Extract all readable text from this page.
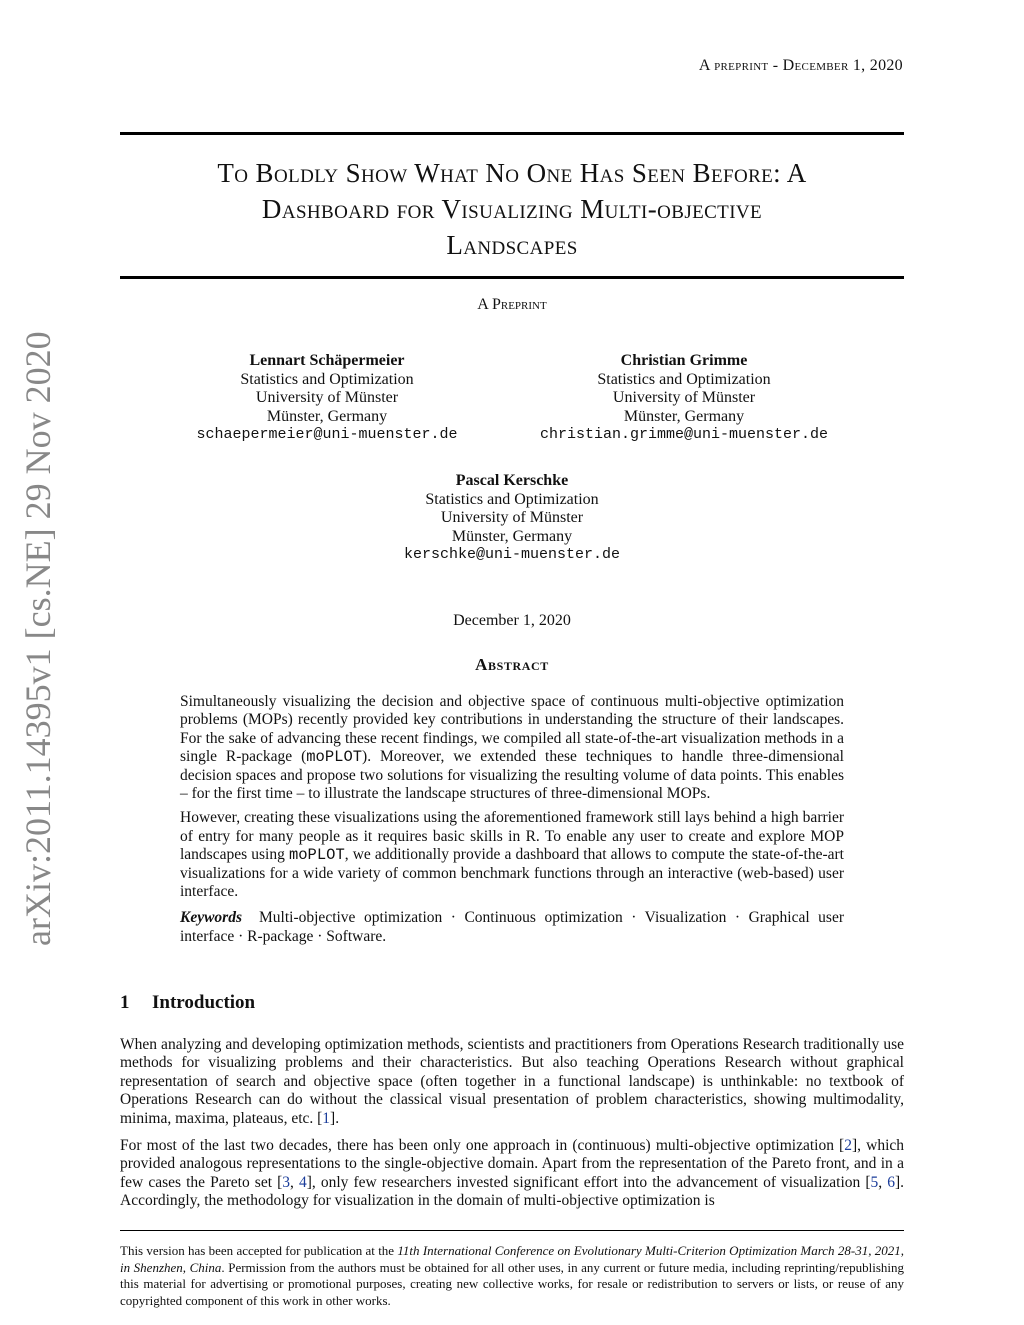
A preprint - December 1, 2020
arXiv:2011.14395v1 [cs.NE] 29 Nov 2020
To Boldly Show What No One Has Seen Before: A
Dashboard for Visualizing Multi-objective
Landscapes
A Preprint
Lennart Schäpermeier
Statistics and Optimization
University of Münster
Münster, Germany
schaepermeier@uni-muenster.de
Christian Grimme
Statistics and Optimization
University of Münster
Münster, Germany
christian.grimme@uni-muenster.de
Pascal Kerschke
Statistics and Optimization
University of Münster
Münster, Germany
kerschke@uni-muenster.de
December 1, 2020
Abstract

Simultaneously visualizing the decision and objective space of continuous multi-objective optimization problems (MOPs) recently provided key contributions in understanding the structure of their landscapes. For the sake of advancing these recent findings, we compiled all state-of-the-art visualization methods in a single R-package (moPLOT). Moreover, we extended these techniques to handle three-dimensional decision spaces and propose two solutions for visualizing the resulting volume of data points. This enables – for the first time – to illustrate the landscape structures of three-dimensional MOPs.

However, creating these visualizations using the aforementioned framework still lays behind a high barrier of entry for many people as it requires basic skills in R. To enable any user to create and explore MOP landscapes using moPLOT, we additionally provide a dashboard that allows to compute the state-of-the-art visualizations for a wide variety of common benchmark functions through an interactive (web-based) user interface.

Keywords Multi-objective optimization · Continuous optimization · Visualization · Graphical user interface · R-package · Software.

1 Introduction

When analyzing and developing optimization methods, scientists and practitioners from Operations Research traditionally use methods for visualizing problems and their characteristics. But also teaching Operations Research without graphical representation of search and objective space (often together in a functional landscape) is unthinkable: no textbook of Operations Research can do without the classical visual presentation of problem characteristics, showing multimodality, minima, maxima, plateaus, etc. [1].

For most of the last two decades, there has been only one approach in (continuous) multi-objective optimization [2], which provided analogous representations to the single-objective domain. Apart from the representation of the Pareto front, and in a few cases the Pareto set [3, 4], only few researchers invested significant effort into the advancement of visualization [5, 6]. Accordingly, the methodology for visualization in the domain of multi-objective optimization is

This version has been accepted for publication at the 11th International Conference on Evolutionary Multi-Criterion Optimization March 28-31, 2021, in Shenzhen, China. Permission from the authors must be obtained for all other uses, in any current or future media, including reprinting/republishing this material for advertising or promotional purposes, creating new collective works, for resale or redistribution to servers or lists, or reuse of any copyrighted component of this work in other works.
